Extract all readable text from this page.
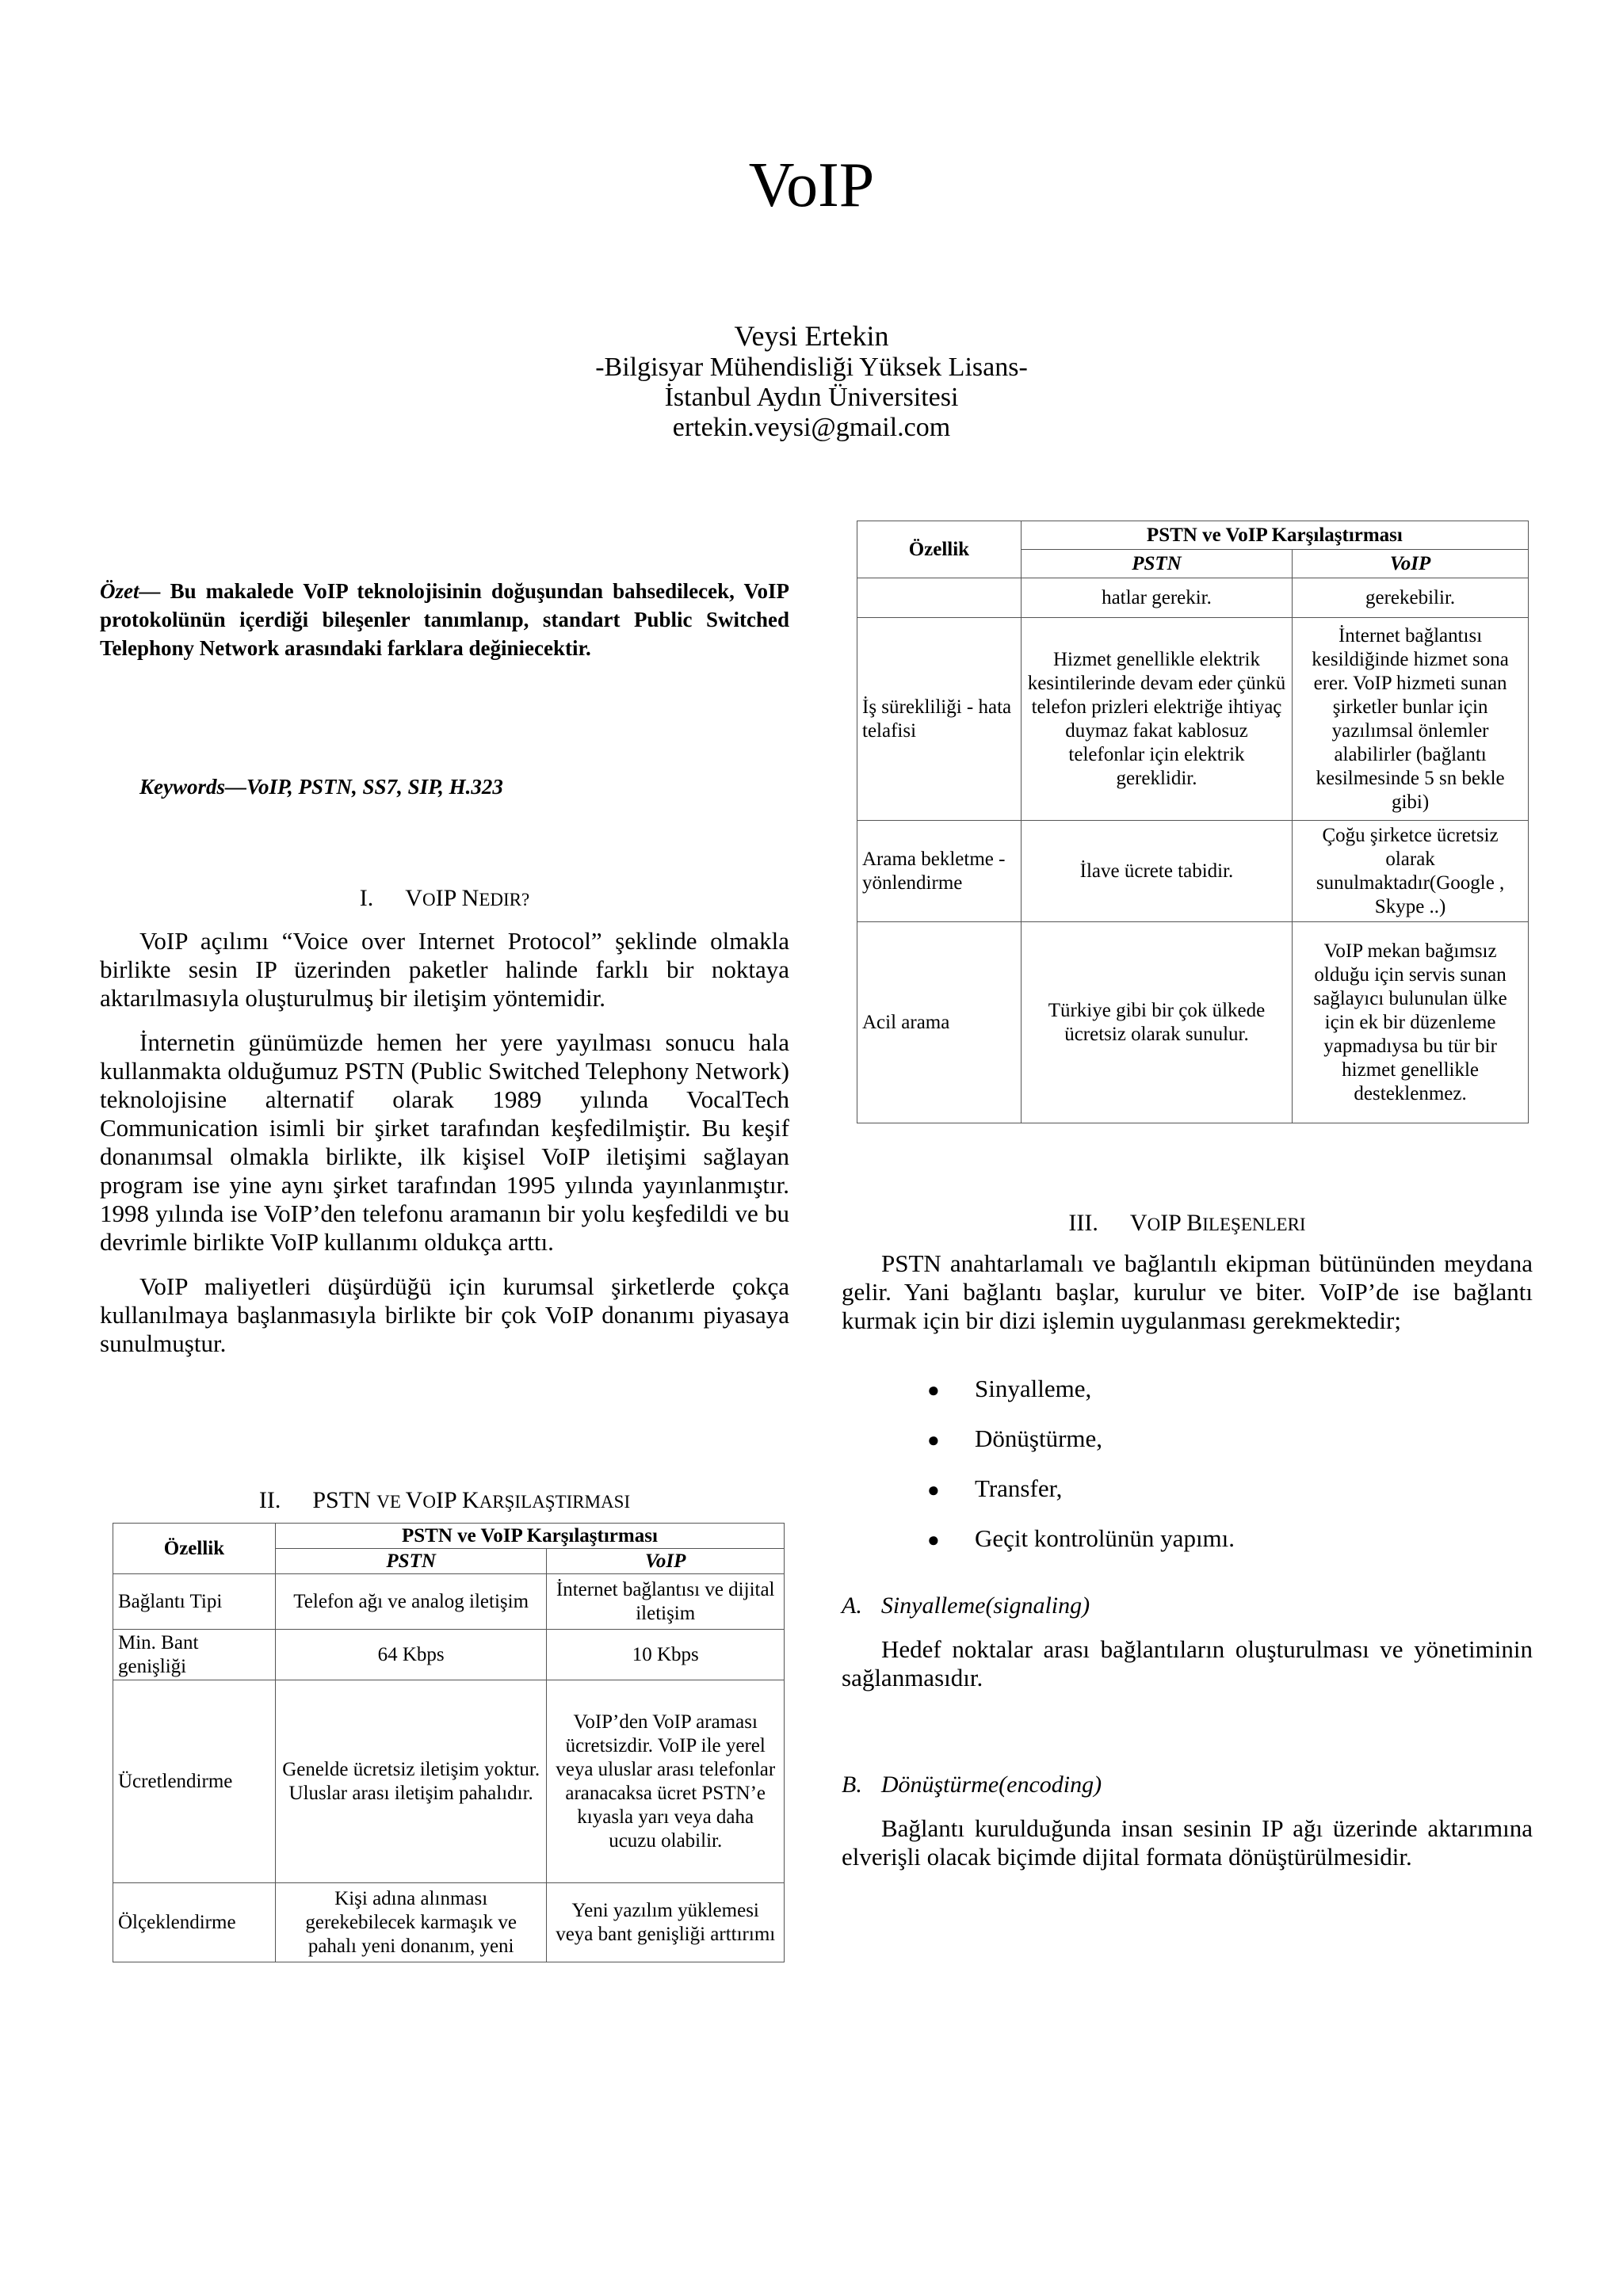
VoIP
Veysi Ertekin
-Bilgisyar Mühendisliği Yüksek Lisans-
İstanbul Aydın Üniversitesi
ertekin.veysi@gmail.com
Özet— Bu makalede VoIP teknolojisinin doğuşundan bahsedilecek, VoIP protokolünün içerdiği bileşenler tanımlanıp, standart Public Switched Telephony Network arasındaki farklara değiniecektir.
Keywords—VoIP, PSTN, SS7, SIP, H.323
I. VOIP NEDIR?

VoIP açılımı “Voice over Internet Protocol” şeklinde olmakla birlikte sesin IP üzerinden paketler halinde farklı bir noktaya aktarılmasıyla oluşturulmuş bir iletişim yöntemidir.

İnternetin günümüzde hemen her yere yayılması sonucu hala kullanmakta olduğumuz PSTN (Public Switched Telephony Network) teknolojisine alternatif olarak 1989 yılında VocalTech Communication isimli bir şirket tarafından keşfedilmiştir. Bu keşif donanımsal olmakla birlikte, ilk kişisel VoIP iletişimi sağlayan program ise yine aynı şirket tarafından 1995 yılında yayınlanmıştır. 1998 yılında ise VoIP’den telefonu aramanın bir yolu keşfedildi ve bu devrimle birlikte VoIP kullanımı oldukça arttı.

VoIP maliyetleri düşürdüğü için kurumsal şirketlerde çokça kullanılmaya başlanmasıyla birlikte bir çok VoIP donanımı piyasaya sunulmuştur.

II. PSTN VE VOIP KARŞILAŞTIRMASI
Özellik	PSTN ve VoIP Karşılaştırması	
	PSTN	VoIP
Bağlantı Tipi	Telefon ağı ve analog iletişim	İnternet bağlantısı ve dijital iletişim
Min. Bant genişliği	64 Kbps	10 Kbps
Ücretlendirme	Genelde ücretsiz iletişim yoktur. Uluslar arası iletişim pahalıdır.	VoIP’den VoIP araması ücretsizdir. VoIP ile yerel veya uluslar arası telefonlar aranacaksa ücret PSTN’e kıyasla yarı veya daha ucuzu olabilir.
Ölçeklendirme	Kişi adına alınması gerekebilecek karmaşık ve pahalı yeni donanım, yeni	Yeni yazılım yüklemesi veya bant genişliği arttırımı
Özellik	PSTN ve VoIP Karşılaştırması	
	PSTN	VoIP
	hatlar gerekir.	gerekebilir.
İş sürekliliği - hata telafisi	Hizmet genellikle elektrik kesintilerinde devam eder çünkü telefon prizleri elektriğe ihtiyaç duymaz fakat kablosuz telefonlar için elektrik gereklidir.	İnternet bağlantısı kesildiğinde hizmet sona erer. VoIP hizmeti sunan şirketler bunlar için yazılımsal önlemler alabilirler (bağlantı kesilmesinde 5 sn bekle gibi)
Arama bekletme - yönlendirme	İlave ücrete tabidir.	Çoğu şirketce ücretsiz olarak sunulmaktadır(Google , Skype ..)
Acil arama	Türkiye gibi bir çok ülkede ücretsiz olarak sunulur.	VoIP mekan bağımsız olduğu için servis sunan sağlayıcı bulunulan ülke için ek bir düzenleme yapmadıysa bu tür bir hizmet genellikle desteklenmez.
III. VOIP BILEŞENLERI

PSTN anahtarlamalı ve bağlantılı ekipman bütününden meydana gelir. Yani bağlantı başlar, kurulur ve biter. VoIP’de ise bağlantı kurmak için bir dizi işlemin uygulanması gerekmektedir;

● Sinyalleme,
● Dönüştürme,
● Transfer,
● Geçit kontrolünün yapımı.
A. Sinyalleme(signaling)

Hedef noktalar arası bağlantıların oluşturulması ve yönetiminin sağlanmasıdır.

B. Dönüştürme(encoding)

Bağlantı kurulduğunda insan sesinin IP ağı üzerinde aktarımına elverişli olacak biçimde dijital formata dönüştürülmesidir.
